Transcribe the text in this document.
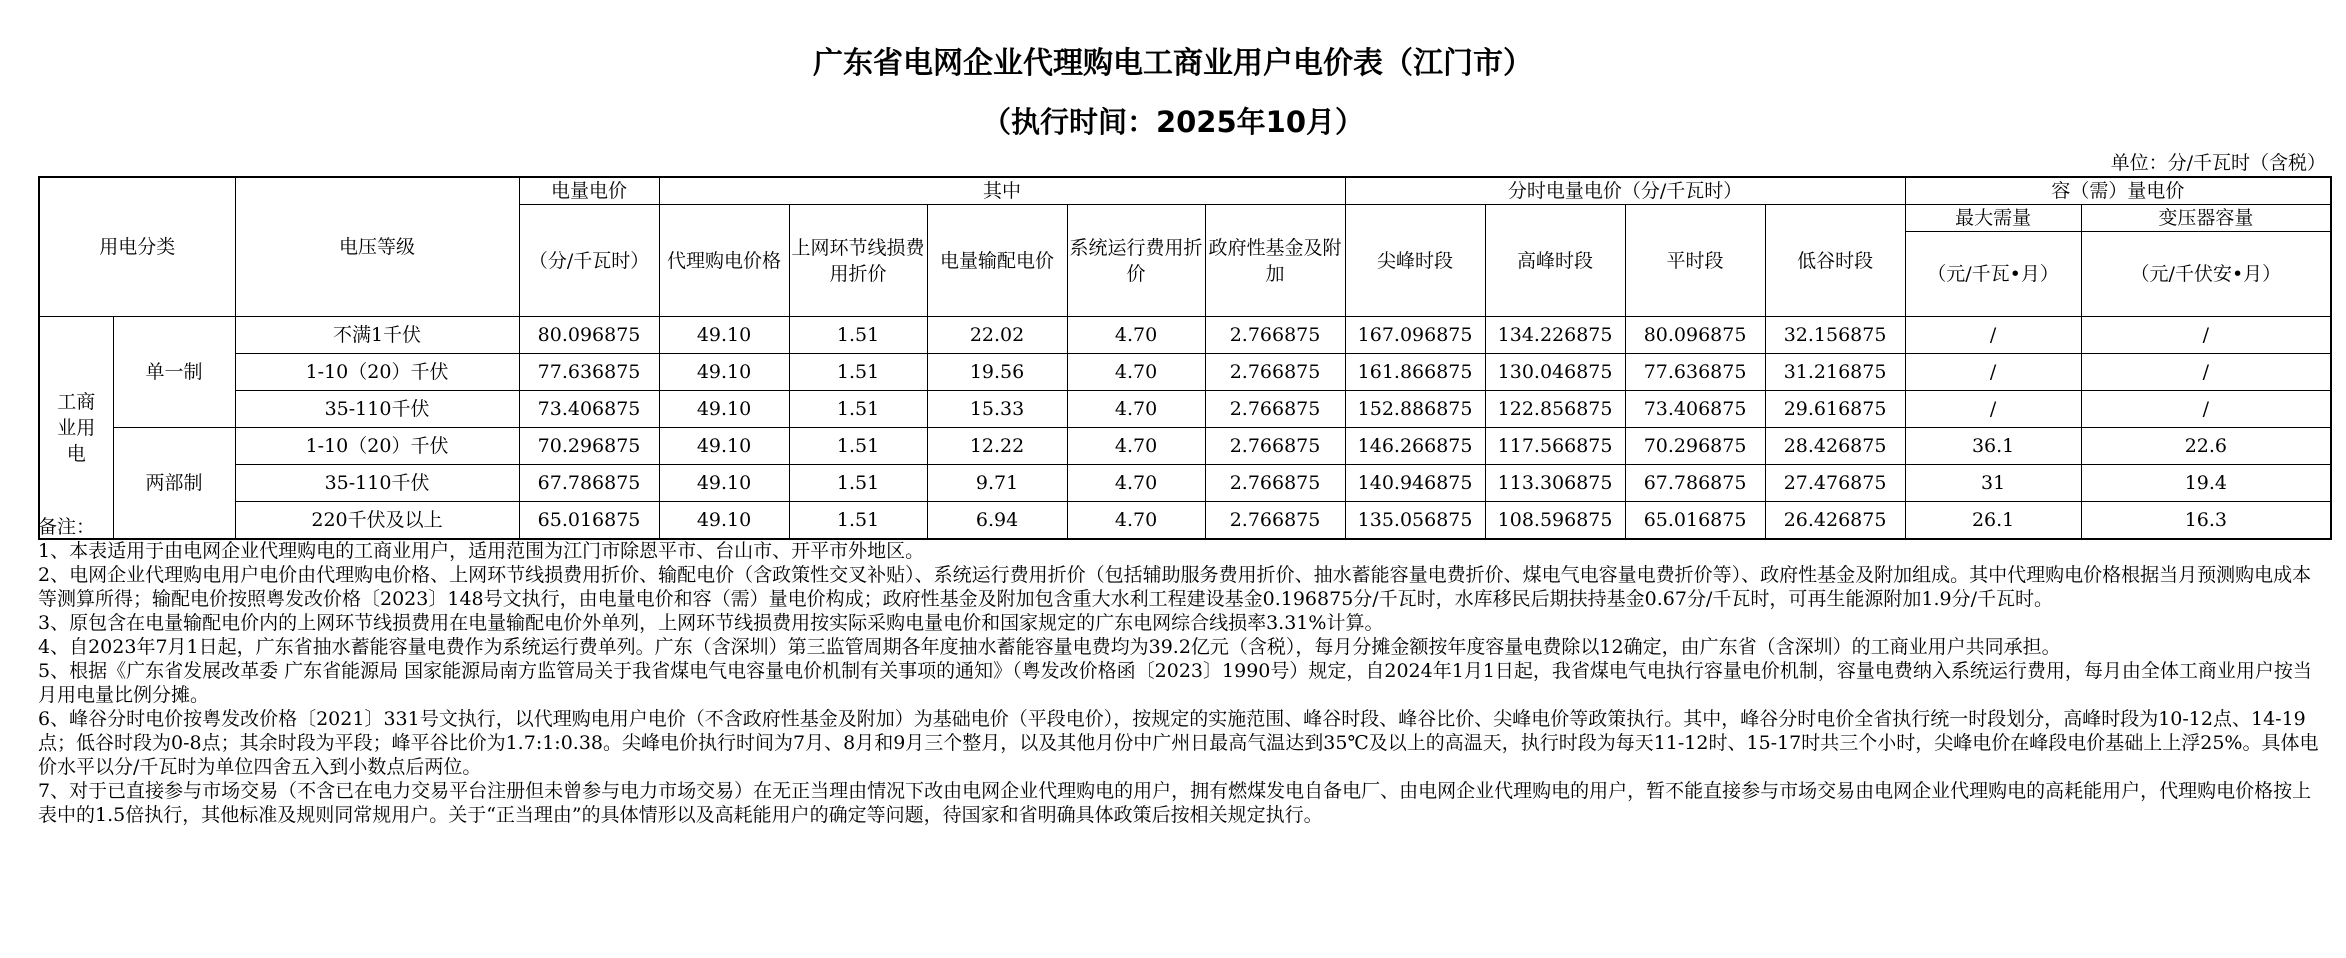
广东省电网企业代理购电工商业用户电价表（江门市）
（执行时间：2025年10月）
单位：分/千瓦时（含税）
用电分类		电压等级	电量电价	其中					分时电量电价（分/千瓦时）				容（需）量电价	
			（分/千瓦时）	代理购电价格	上网环节线损费用折价	电量输配电价	系统运行费用折价	政府性基金及附加	尖峰时段	高峰时段	平时段	低谷时段	最大需量	变压器容量
													（元/千瓦•月）	（元/千伏安•月）
工商业用电	单一制	不满1千伏	80.096875	49.10	1.51	22.02	4.70	2.766875	167.096875	134.226875	80.096875	32.156875	/	/
		1-10（20）千伏	77.636875	49.10	1.51	19.56	4.70	2.766875	161.866875	130.046875	77.636875	31.216875	/	/
		35-110千伏	73.406875	49.10	1.51	15.33	4.70	2.766875	152.886875	122.856875	73.406875	29.616875	/	/
	两部制	1-10（20）千伏	70.296875	49.10	1.51	12.22	4.70	2.766875	146.266875	117.566875	70.296875	28.426875	36.1	22.6
		35-110千伏	67.786875	49.10	1.51	9.71	4.70	2.766875	140.946875	113.306875	67.786875	27.476875	31	19.4
		220千伏及以上	65.016875	49.10	1.51	6.94	4.70	2.766875	135.056875	108.596875	65.016875	26.426875	26.1	16.3

备注：

1、本表适用于由电网企业代理购电的工商业用户，适用范围为江门市除恩平市、台山市、开平市外地区。

2、电网企业代理购电用户电价由代理购电价格、上网环节线损费用折价、输配电价（含政策性交叉补贴）、系统运行费用折价（包括辅助服务费用折价、抽水蓄能容量电费折价、煤电气电容量电费折价等）、政府性基金及附加组成。其中代理购电价格根据当月预测购电成本等测算所得；输配电价按照粤发改价格〔2023〕148号文执行，由电量电价和容（需）量电价构成；政府性基金及附加包含重大水利工程建设基金0.196875分/千瓦时，水库移民后期扶持基金0.67分/千瓦时，可再生能源附加1.9分/千瓦时。

3、原包含在电量输配电价内的上网环节线损费用在电量输配电价外单列，上网环节线损费用按实际采购电量电价和国家规定的广东电网综合线损率3.31%计算。

4、自2023年7月1日起，广东省抽水蓄能容量电费作为系统运行费单列。广东（含深圳）第三监管周期各年度抽水蓄能容量电费均为39.2亿元（含税），每月分摊金额按年度容量电费除以12确定，由广东省（含深圳）的工商业用户共同承担。

5、根据《广东省发展改革委 广东省能源局 国家能源局南方监管局关于我省煤电气电容量电价机制有关事项的通知》（粤发改价格函〔2023〕1990号）规定，自2024年1月1日起，我省煤电气电执行容量电价机制，容量电费纳入系统运行费用，每月由全体工商业用户按当月用电量比例分摊。

6、峰谷分时电价按粤发改价格〔2021〕331号文执行，以代理购电用户电价（不含政府性基金及附加）为基础电价（平段电价），按规定的实施范围、峰谷时段、峰谷比价、尖峰电价等政策执行。其中，峰谷分时电价全省执行统一时段划分，高峰时段为10-12点、14-19点；低谷时段为0-8点；其余时段为平段；峰平谷比价为1.7:1:0.38。尖峰电价执行时间为7月、8月和9月三个整月，以及其他月份中广州日最高气温达到35℃及以上的高温天，执行时段为每天11-12时、15-17时共三个小时，尖峰电价在峰段电价基础上上浮25%。具体电价水平以分/千瓦时为单位四舍五入到小数点后两位。

7、对于已直接参与市场交易（不含已在电力交易平台注册但未曾参与电力市场交易）在无正当理由情况下改由电网企业代理购电的用户，拥有燃煤发电自备电厂、由电网企业代理购电的用户，暂不能直接参与市场交易由电网企业代理购电的高耗能用户，代理购电价格按上表中的1.5倍执行，其他标准及规则同常规用户。关于“正当理由”的具体情形以及高耗能用户的确定等问题，待国家和省明确具体政策后按相关规定执行。
